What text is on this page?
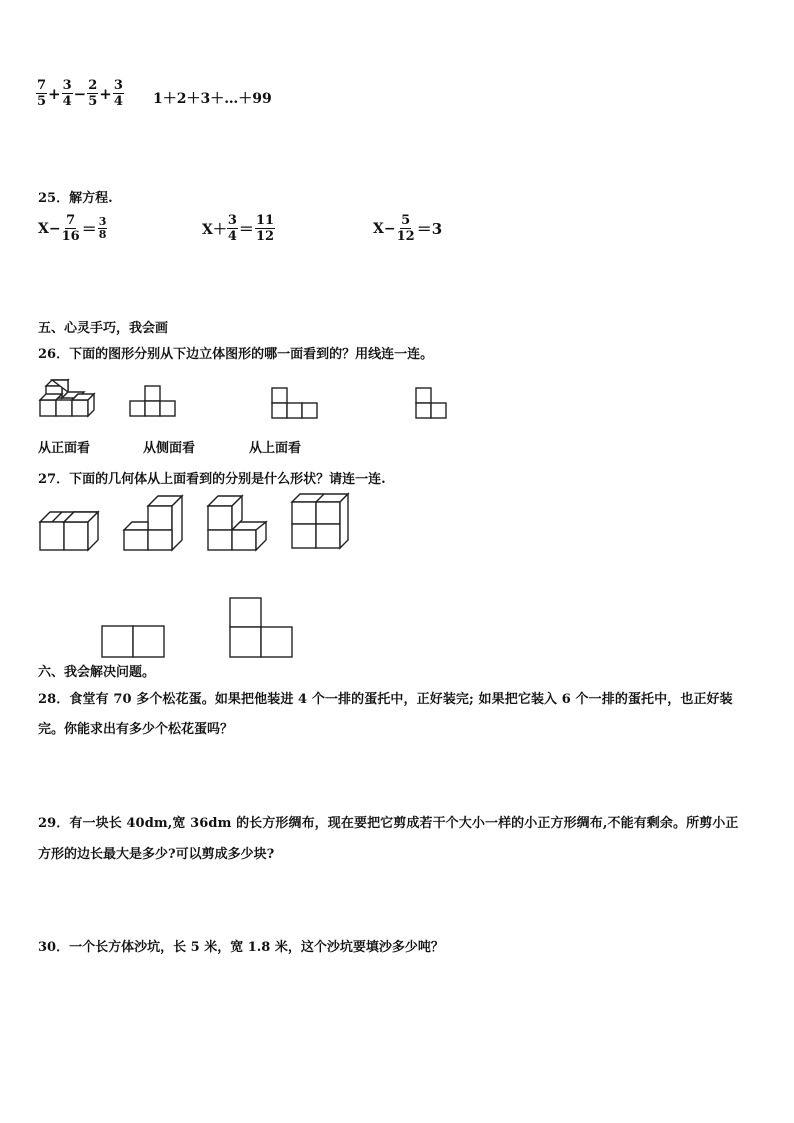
$\frac{7}{5} + \frac{3}{4} - \frac{2}{5} + \frac{3}{4}$ 1＋2＋3＋…＋99
25．解方程.
$X- \frac{7}{16} = \frac{3}{8}$	$X+ \frac{3}{4} = \frac{11}{12}$	$X- \frac{5}{12} =3$
五、心灵手巧，我会画
26．下面的图形分别从下边立体图形的哪一面看到的？用线连一连。
从正面看	从侧面看	从上面看
27．下面的几何体从上面看到的分别是什么形状？请连一连.
六、我会解决问题。
28．食堂有 70 多个松花蛋。如果把他装进 4 个一排的蛋托中，正好装完; 如果把它装入 6 个一排的蛋托中，也正好装
完。你能求出有多少个松花蛋吗？
29．有一块长 40dm,宽 36dm 的长方形绸布，现在要把它剪成若干个大小一样的小正方形绸布,不能有剩余。所剪小正
方形的边长最大是多少?可以剪成多少块?
30．一个长方体沙坑，长 5 米，宽 1.8 米，这个沙坑要填沙多少吨？
